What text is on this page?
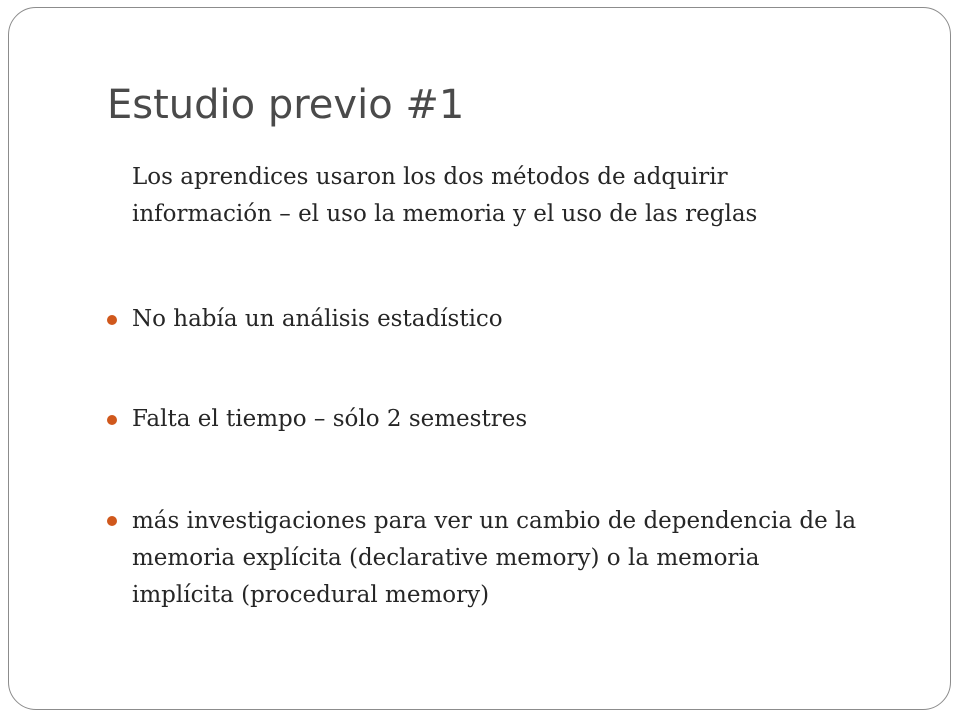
Estudio previo #1
Los aprendices usaron los dos métodos de adquirir
información – el uso la memoria y el uso de las reglas
No había un análisis estadístico
Falta el tiempo – sólo 2 semestres
más investigaciones para ver un cambio de dependencia de la
memoria explícita (declarative memory) o la memoria
implícita (procedural memory)
